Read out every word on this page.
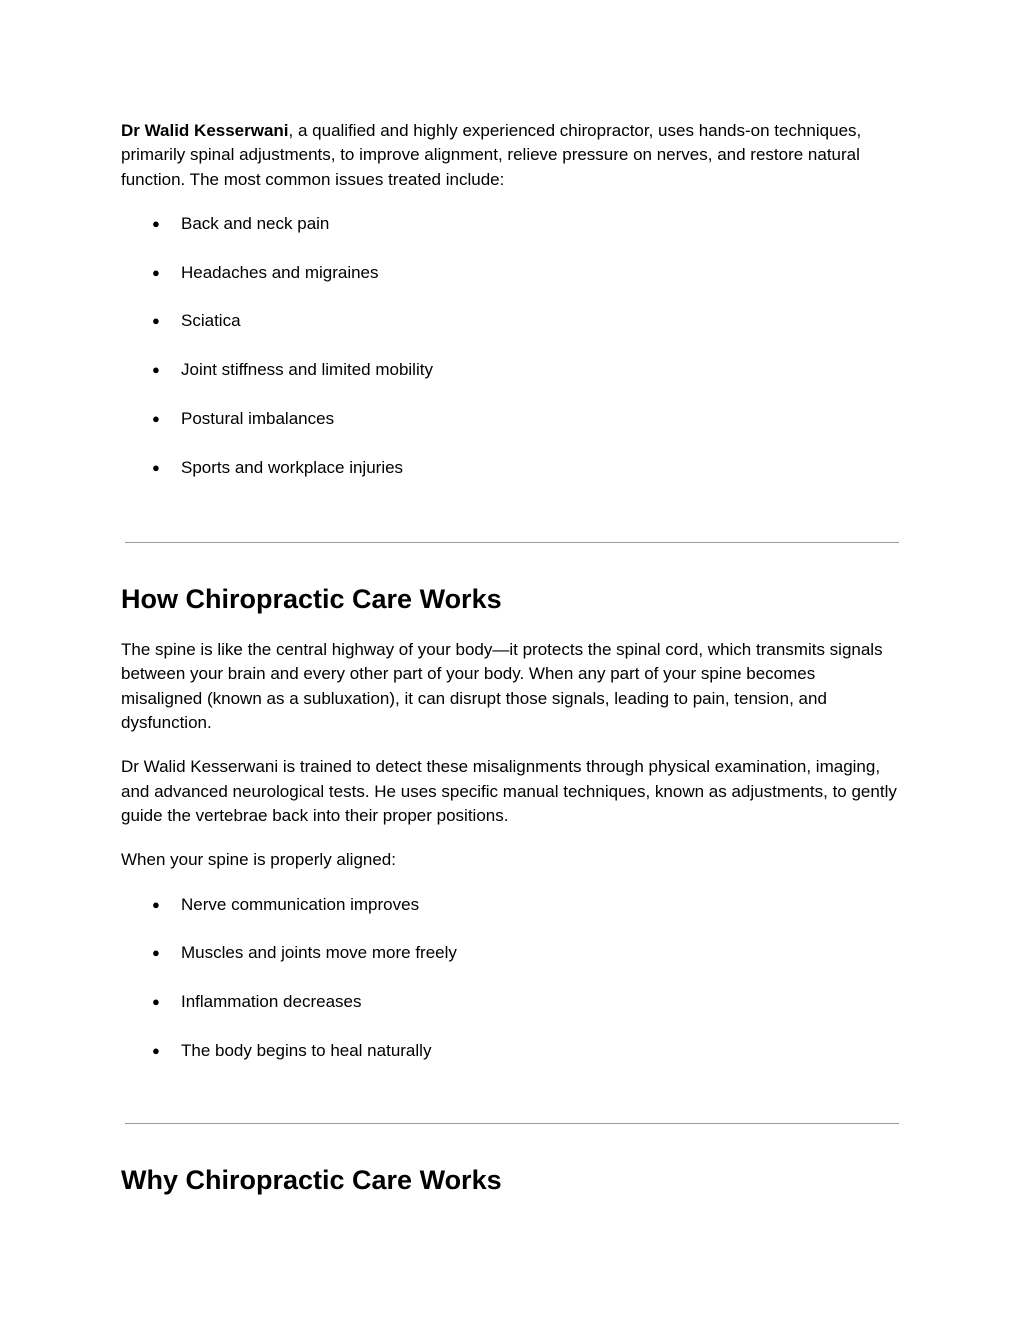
Dr Walid Kesserwani, a qualified and highly experienced chiropractor, uses hands-on techniques, primarily spinal adjustments, to improve alignment, relieve pressure on nerves, and restore natural function. The most common issues treated include:

● Back and neck pain
● Headaches and migraines
● Sciatica
● Joint stiffness and limited mobility
● Postural imbalances
● Sports and workplace injuries
How Chiropractic Care Works

The spine is like the central highway of your body—it protects the spinal cord, which transmits signals between your brain and every other part of your body. When any part of your spine becomes misaligned (known as a subluxation), it can disrupt those signals, leading to pain, tension, and dysfunction.

Dr Walid Kesserwani is trained to detect these misalignments through physical examination, imaging, and advanced neurological tests. He uses specific manual techniques, known as adjustments, to gently guide the vertebrae back into their proper positions.

When your spine is properly aligned:

● Nerve communication improves
● Muscles and joints move more freely
● Inflammation decreases
● The body begins to heal naturally
Why Chiropractic Care Works
